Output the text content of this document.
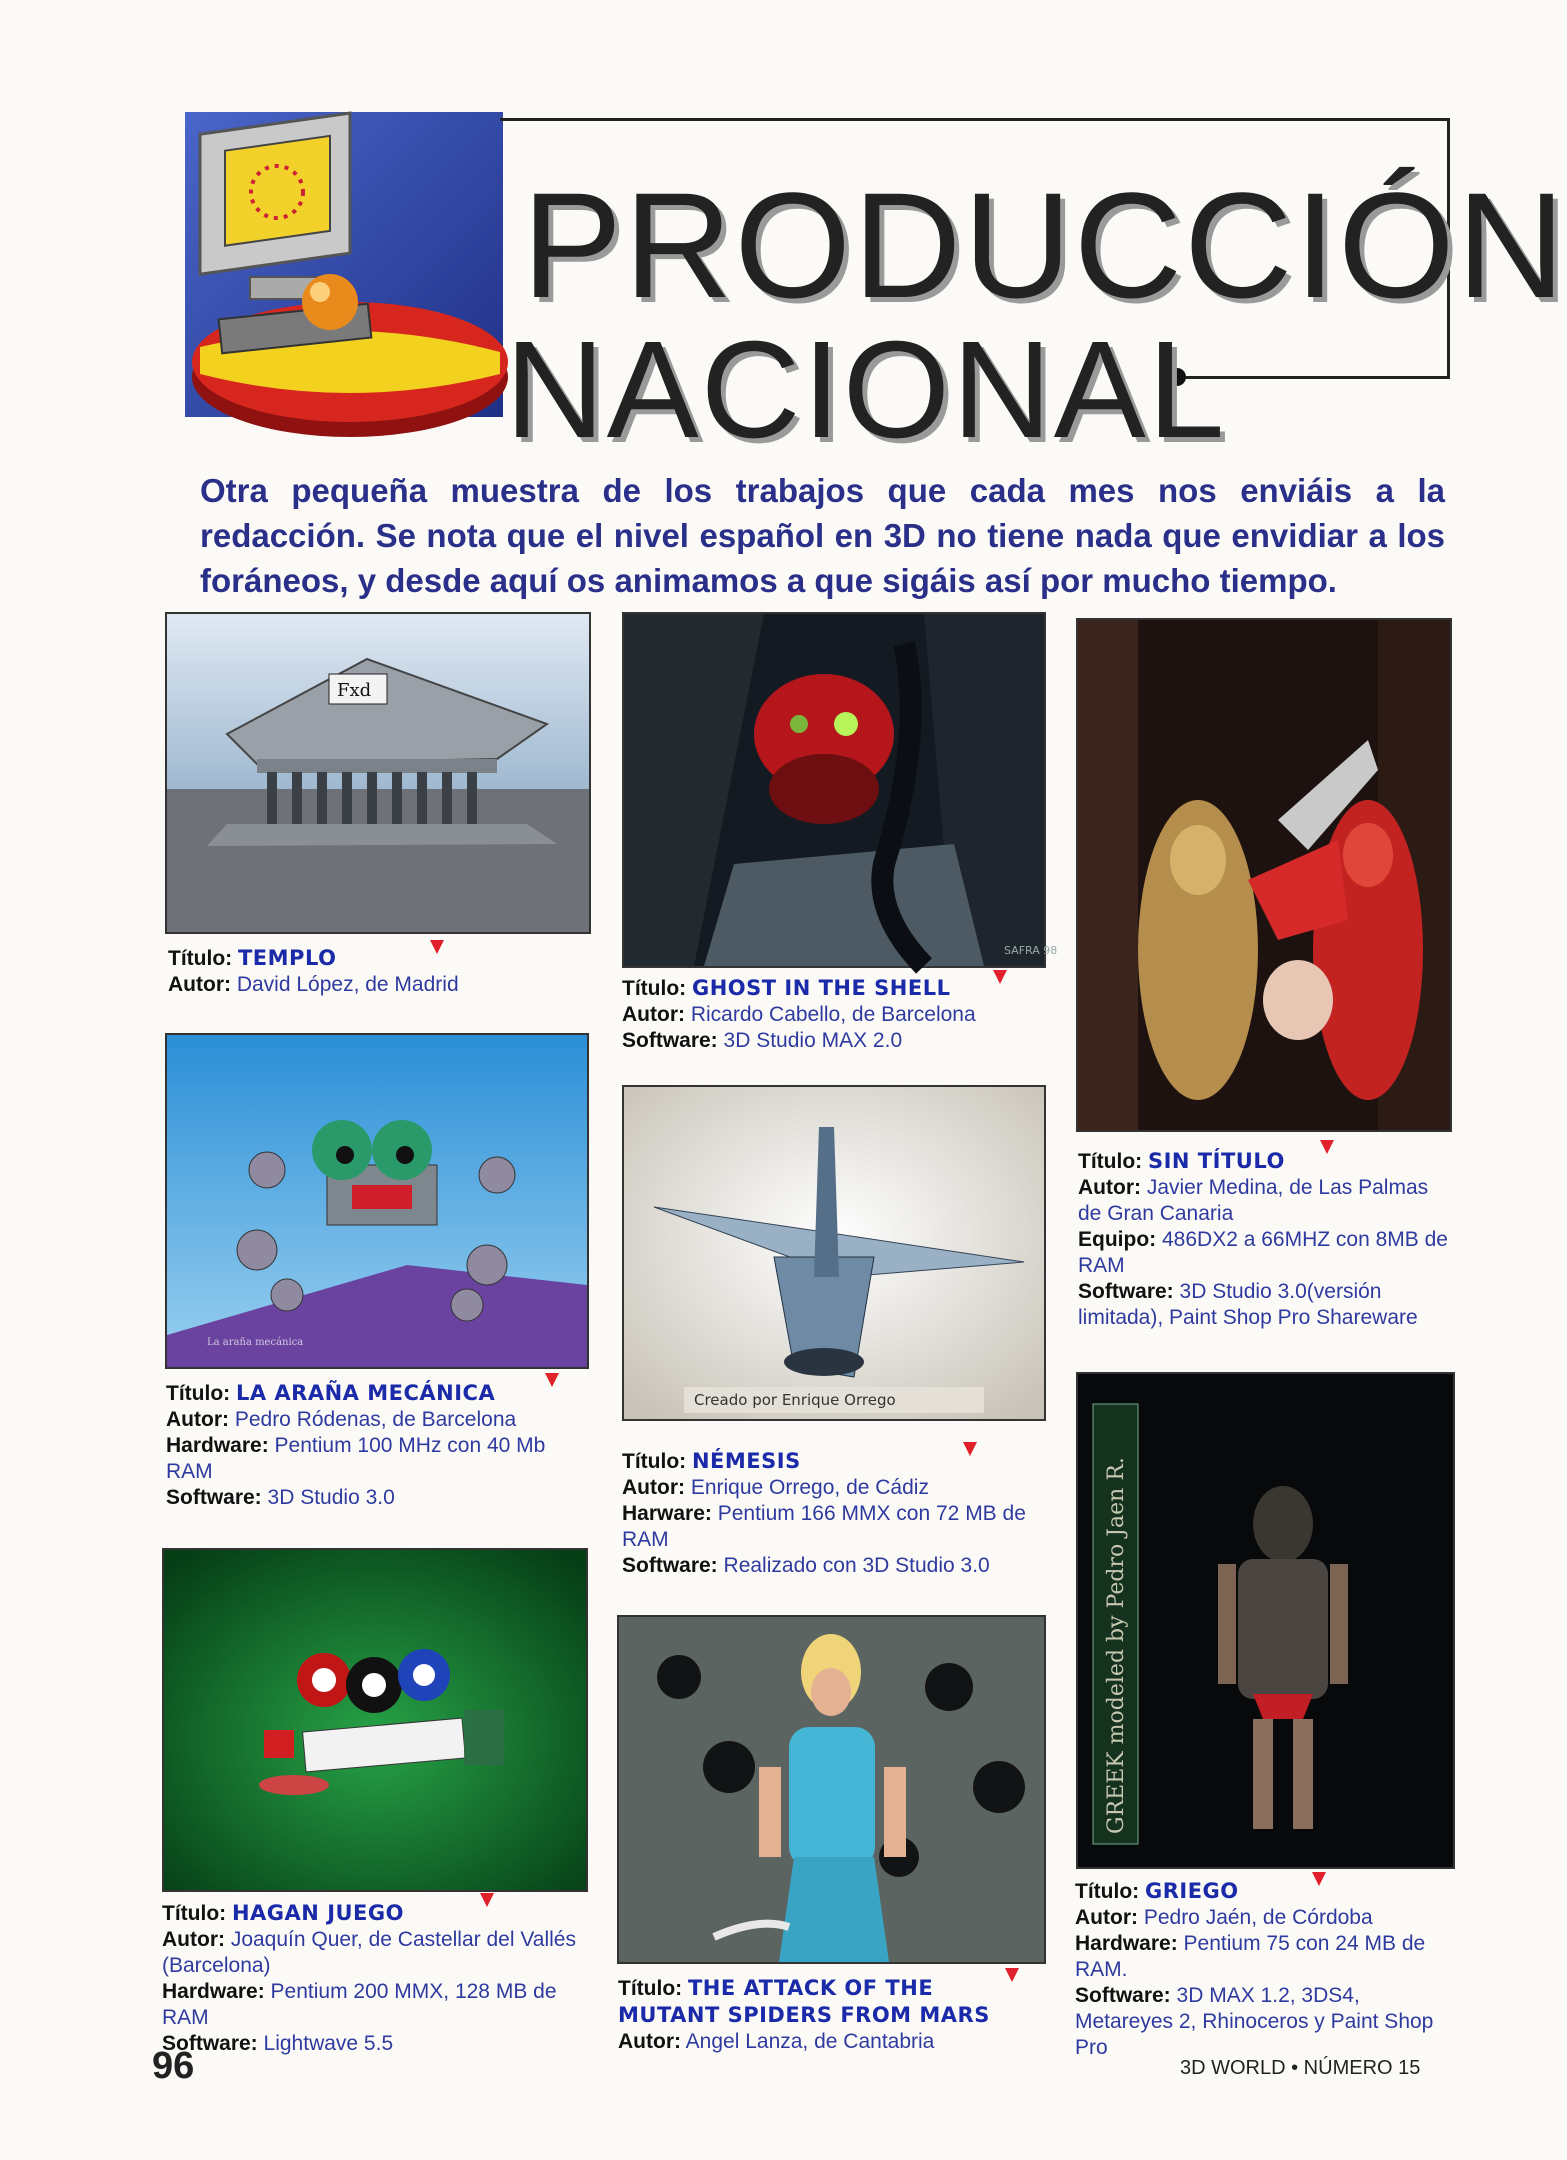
PRODUCCIÓN
NACIONAL
Otra pequeña muestra de los trabajos que cada mes nos enviáis a la redacción. Se nota que el nivel español en 3D no tiene nada que envidiar a los foráneos, y desde aquí os animamos a que sigáis así por mucho tiempo.
Fxd
SAFRA 98
La araña mecánica
Creado por Enrique Orrego
GREEK modeled by Pedro Jaen R.
Título: TEMPLO
Autor: David López, de Madrid	Título: GHOST IN THE SHELL
Autor: Ricardo Cabello, de Barcelona
Software: 3D Studio MAX 2.0
Título: SIN TÍTULO
Autor: Javier Medina, de Las Palmas de Gran Canaria
Equipo: 486DX2 a 66MHZ con 8MB de RAM
Software: 3D Studio 3.0(versión limitada), Paint Shop Pro Shareware
Título: LA ARAÑA MECÁNICA
Autor: Pedro Ródenas, de Barcelona
Hardware: Pentium 100 MHz con 40 Mb RAM
Software: 3D Studio 3.0
Título: NÉMESIS
Autor: Enrique Orrego, de Cádiz
Harware: Pentium 166 MMX con 72 MB de RAM
Software: Realizado con 3D Studio 3.0
Título: HAGAN JUEGO
Autor: Joaquín Quer, de Castellar del Vallés (Barcelona)
Hardware: Pentium 200 MMX, 128 MB de RAM
Software: Lightwave 5.5
Título: THE ATTACK OF THE MUTANT SPIDERS FROM MARS
Autor: Angel Lanza, de Cantabria
Título: GRIEGO
Autor: Pedro Jaén, de Córdoba
Hardware: Pentium 75 con 24 MB de RAM.
Software: 3D MAX 1.2, 3DS4, Metareyes 2, Rhinoceros y Paint Shop Pro
96	3D WORLD • NÚMERO 15
